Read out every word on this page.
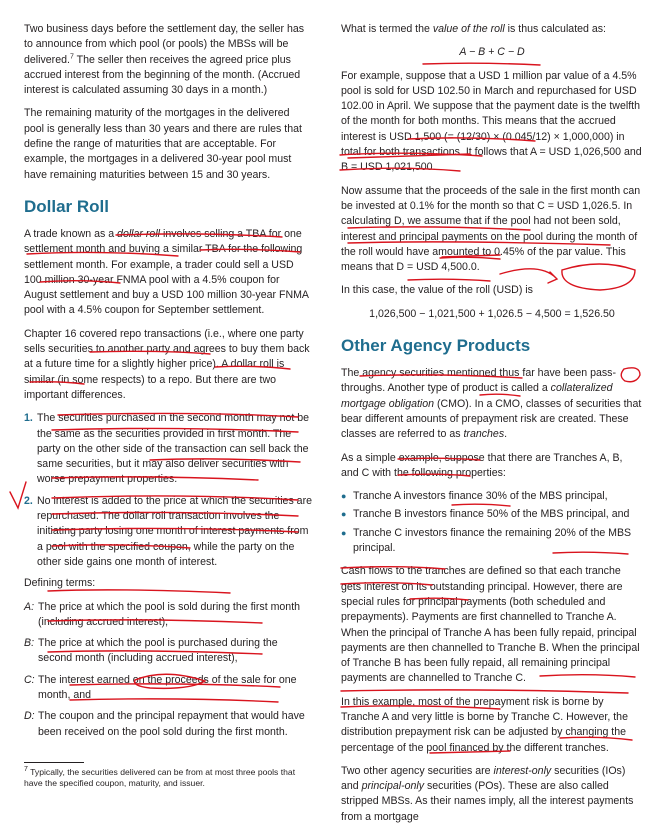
Two business days before the settlement day, the seller has to announce from which pool (or pools) the MBSs will be delivered.$^7$ The seller then receives the agreed price plus accrued interest from the beginning of the month. (Accrued interest is calculated assuming 30 days in a month.)

The remaining maturity of the mortgages in the delivered pool is generally less than 30 years and there are rules that define the range of maturities that are acceptable. For example, the mortgages in a delivered 30-year pool must have remaining maturities between 15 and 30 years.

Dollar Roll

A trade known as a dollar roll involves selling a TBA for one settlement month and buying a similar TBA for the following settlement month. For example, a trader could sell a USD 100 million 30-year FNMA pool with a 4.5% coupon for August settlement and buy a USD 100 million 30-year FNMA pool with a 4.5% coupon for September settlement.

Chapter 16 covered repo transactions (i.e., where one party sells securities to another party and agrees to buy them back at a future time for a slightly higher price). A dollar roll is similar (in some respects) to a repo. But there are two important differences.

1. The securities purchased in the second month may not be the same as the securities provided in first month. The party on the other side of the transaction can sell back the same securities, but it may also deliver securities with worse prepayment properties.
2. No interest is added to the price at which the securities are repurchased. The dollar roll transaction involves the initiating party losing one month of interest payments from a pool with the specified coupon, while the party on the other side gains one month of interest.

Defining terms:

A: The price at which the pool is sold during the first month (including accrued interest),
B: The price at which the pool is purchased during the second month (including accrued interest),
C: The interest earned on the proceeds of the sale for one month, and
D: The coupon and the principal repayment that would have been received on the pool sold during the first month.
$^7$ Typically, the securities delivered can be from at most three pools that have the specified coupon, maturity, and issuer.

What is termed the value of the roll is thus calculated as:

A − B + C − D

For example, suppose that a USD 1 million par value of a 4.5% pool is sold for USD 102.50 in March and repurchased for USD 102.00 in April. We suppose that the payment date is the twelfth of the month for both months. This means that the accrued interest is USD 1,500 (= (12/30) × (0.045/12) × 1,000,000) in total for both transactions. It follows that A = USD 1,026,500 and B = USD 1,021,500.

Now assume that the proceeds of the sale in the first month can be invested at 0.1% for the month so that C = USD 1,026.5. In calculating D, we assume that if the pool had not been sold, interest and principal payments on the pool during the month of the roll would have amounted to 0.45% of the par value. This means that D = USD 4,500.0.

In this case, the value of the roll (USD) is

1,026,500 − 1,021,500 + 1,026.5 − 4,500 = 1,526.50
Other Agency Products

The agency securities mentioned thus far have been pass-throughs. Another type of product is called a collateralized mortgage obligation (CMO). In a CMO, classes of securities that bear different amounts of prepayment risk are created. These classes are referred to as tranches.

As a simple example, suppose that there are Tranches A, B, and C with the following properties:

● Tranche A investors finance 30% of the MBS principal,
● Tranche B investors finance 50% of the MBS principal, and
● Tranche C investors finance the remaining 20% of the MBS principal.

Cash flows to the tranches are defined so that each tranche gets interest on its outstanding principal. However, there are special rules for principal payments (both scheduled and prepayments). Payments are first channelled to Tranche A. When the principal of Tranche A has been fully repaid, principal payments are then channelled to Tranche B. When the principal of Tranche B has been fully repaid, all remaining principal payments are channelled to Tranche C.

In this example, most of the prepayment risk is borne by Tranche A and very little is borne by Tranche C. However, the distribution prepayment risk can be adjusted by changing the percentage of the pool financed by the different tranches.

Two other agency securities are interest-only securities (IOs) and principal-only securities (POs). These are also called stripped MBSs. As their names imply, all the interest payments from a mortgage
